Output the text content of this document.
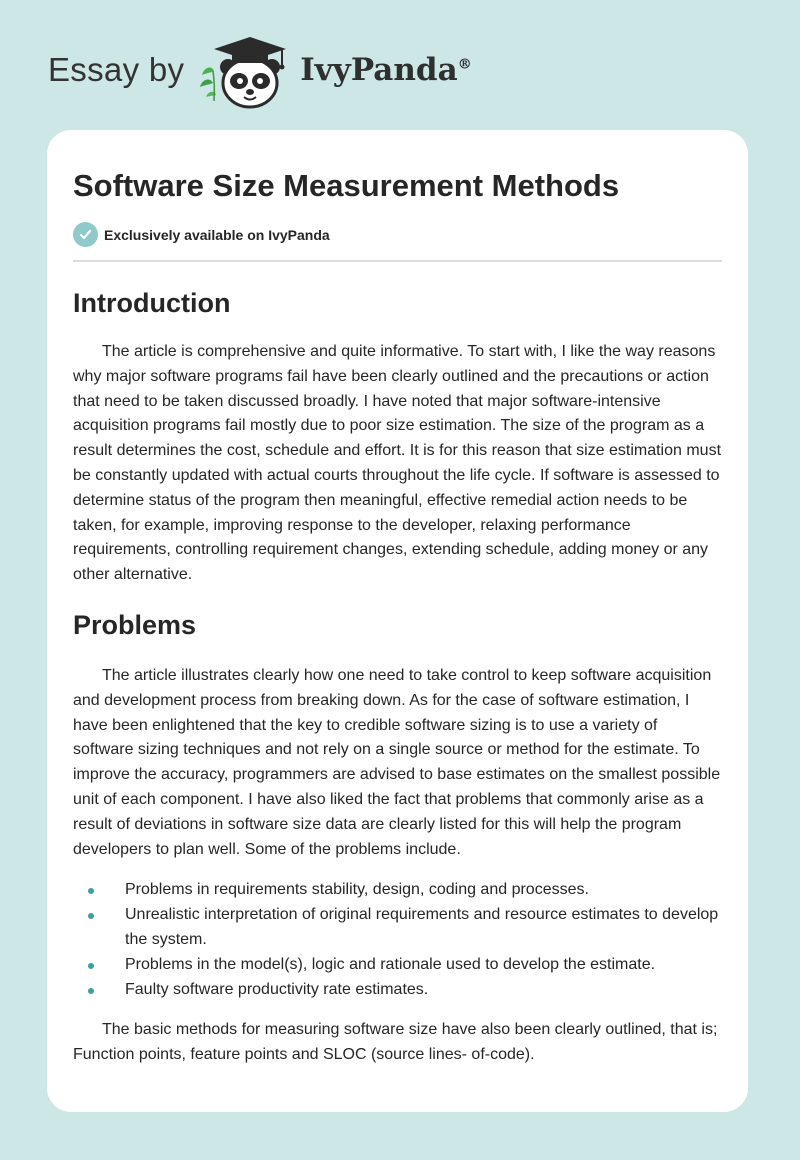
Essay by	IvyPanda®
Software Size Measurement Methods
Exclusively available on IvyPanda
Introduction

The article is comprehensive and quite informative. To start with, I like the way reasons why major software programs fail have been clearly outlined and the precautions or action that need to be taken discussed broadly. I have noted that major software-intensive acquisition programs fail mostly due to poor size estimation. The size of the program as a result determines the cost, schedule and effort. It is for this reason that size estimation must be constantly updated with actual courts throughout the life cycle. If software is assessed to determine status of the program then meaningful, effective remedial action needs to be taken, for example, improving response to the developer, relaxing performance requirements, controlling requirement changes, extending schedule, adding money or any other alternative.

Problems

The article illustrates clearly how one need to take control to keep software acquisition and development process from breaking down. As for the case of software estimation, I have been enlightened that the key to credible software sizing is to use a variety of software sizing techniques and not rely on a single source or method for the estimate. To improve the accuracy, programmers are advised to base estimates on the smallest possible unit of each component. I have also liked the fact that problems that commonly arise as a result of deviations in software size data are clearly listed for this will help the program developers to plan well. Some of the problems include.

Problems in requirements stability, design, coding and processes.
Unrealistic interpretation of original requirements and resource estimates to develop the system.
Problems in the model(s), logic and rationale used to develop the estimate.
Faulty software productivity rate estimates.

The basic methods for measuring software size have also been clearly outlined, that is; Function points, feature points and SLOC (source lines- of-code).
